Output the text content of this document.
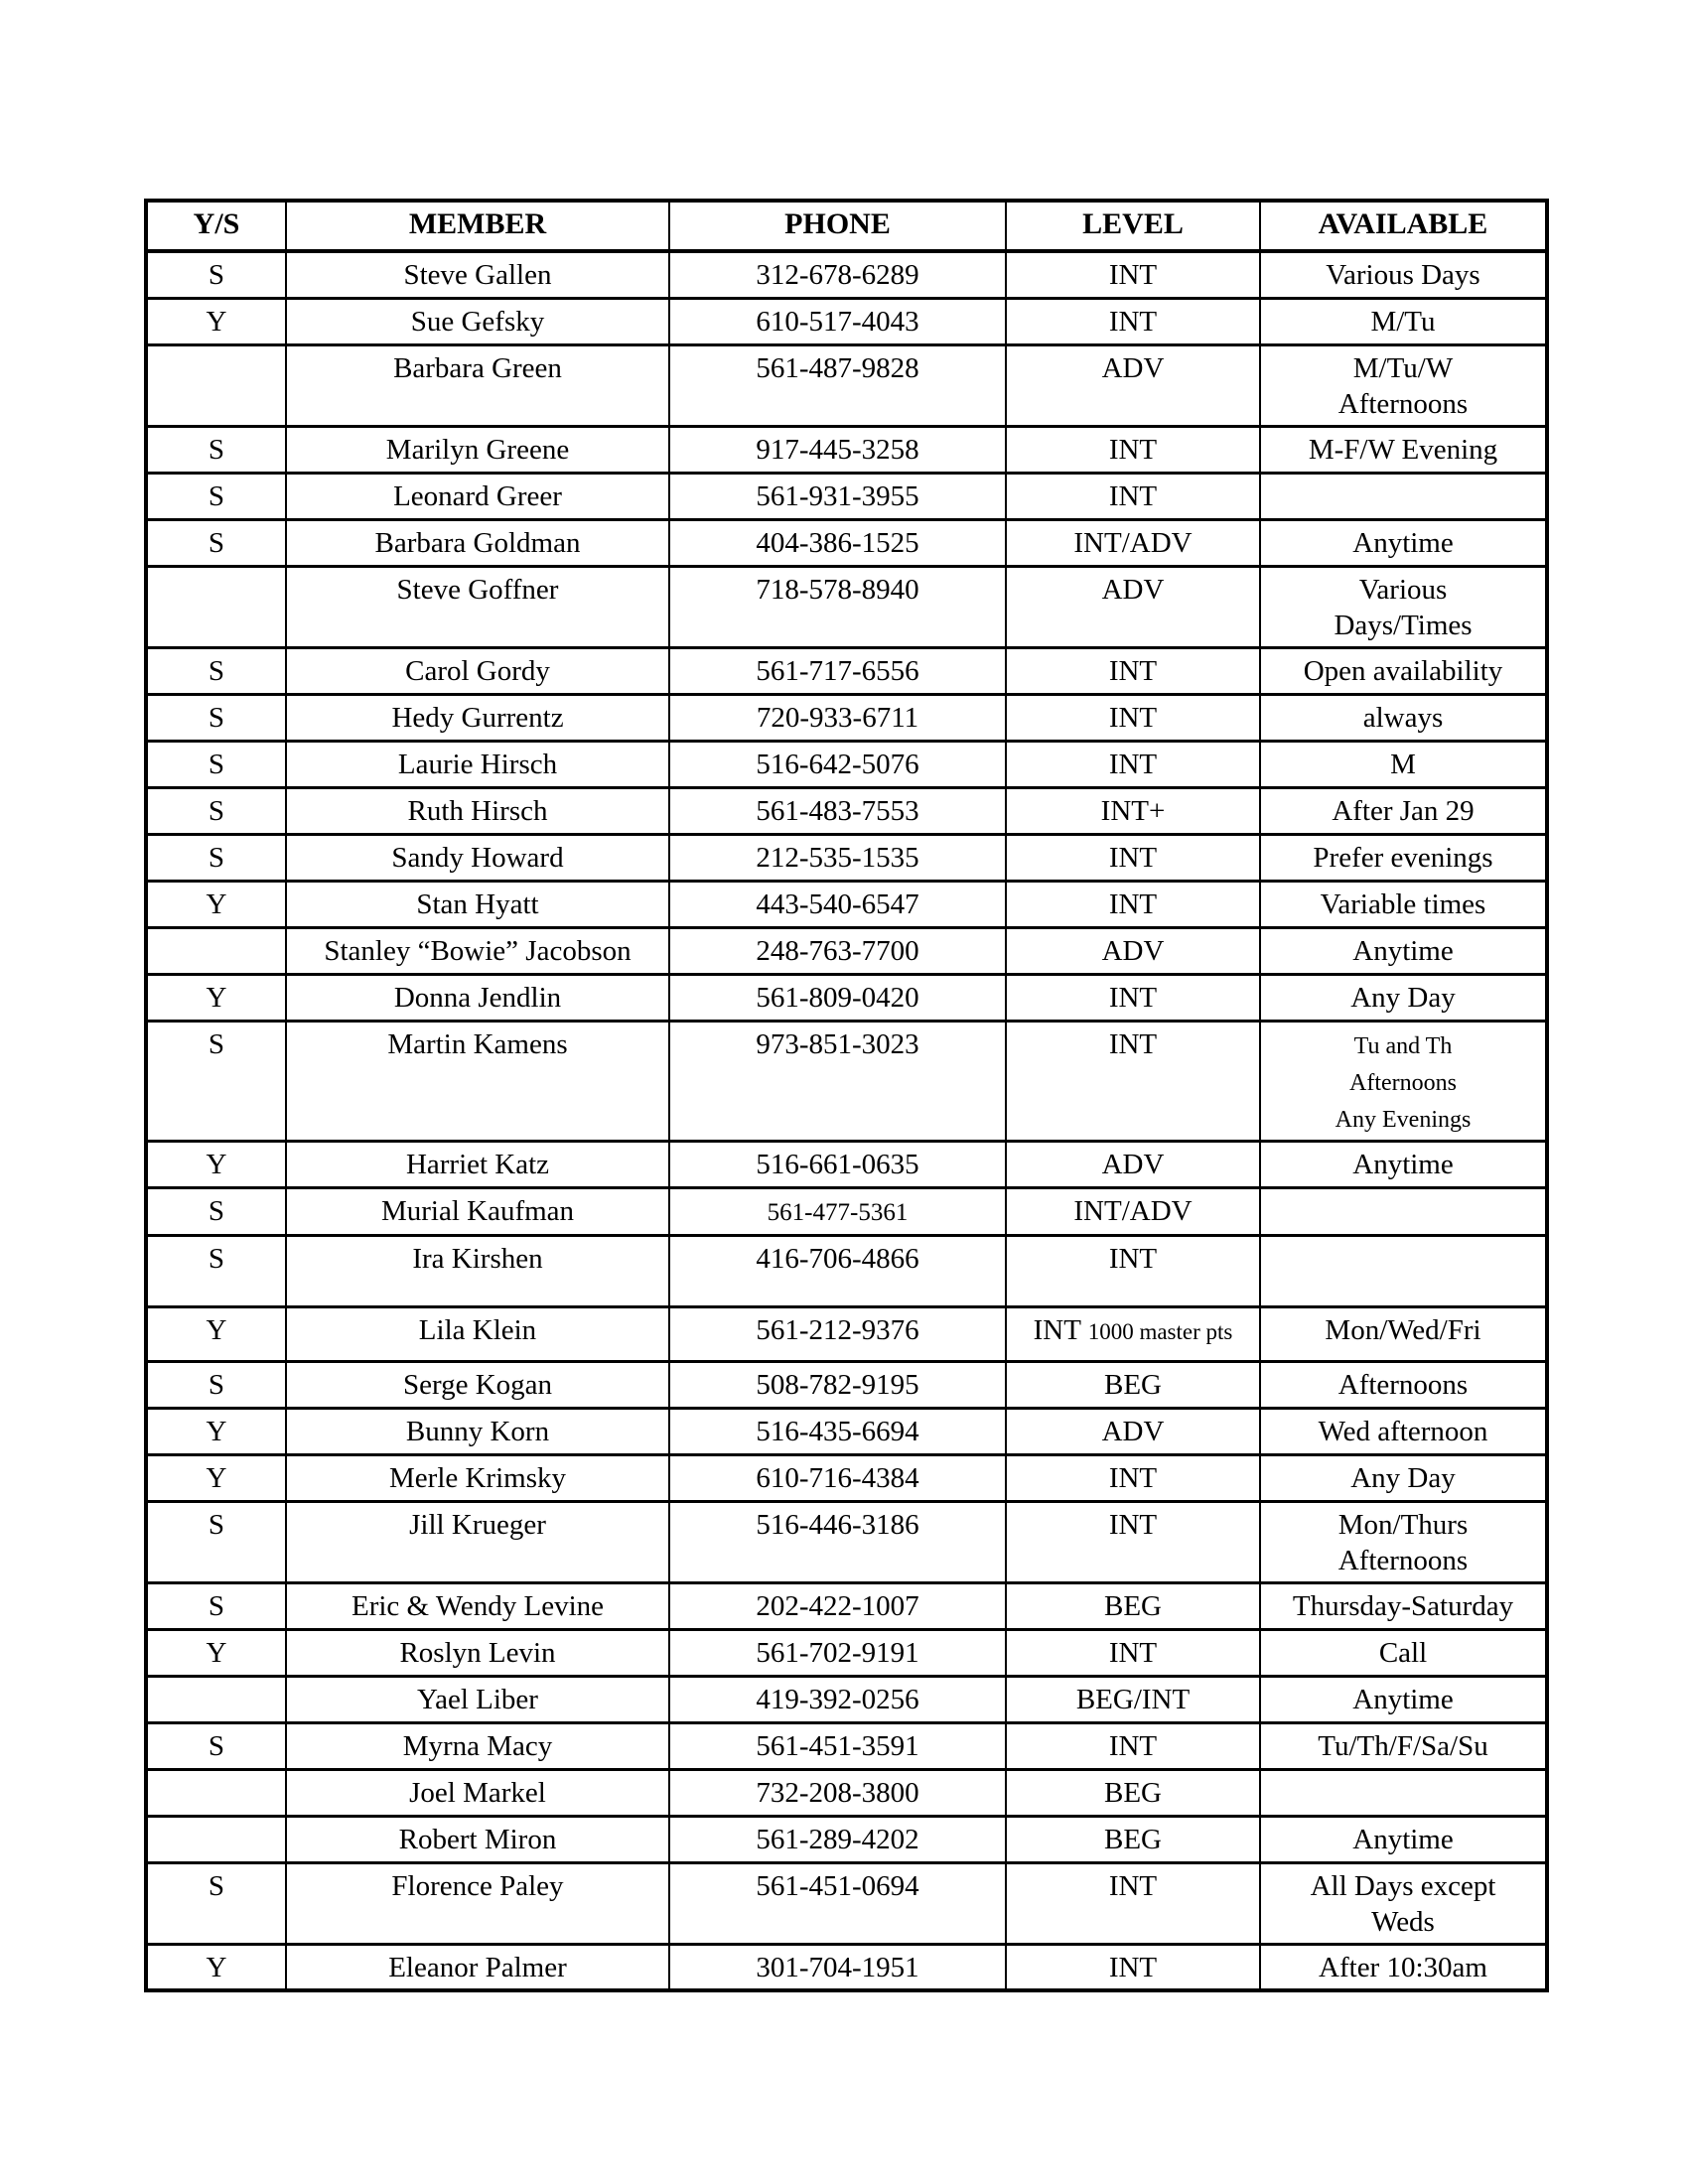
Y/S	MEMBER	PHONE	LEVEL	AVAILABLE
S	Steve Gallen	312-678-6289	INT	Various Days
Y	Sue Gefsky	610-517-4043	INT	M/Tu
	Barbara Green	561-487-9828	ADV	M/Tu/W
Afternoons
S	Marilyn Greene	917-445-3258	INT	M-F/W Evening
S	Leonard Greer	561-931-3955	INT	
S	Barbara Goldman	404-386-1525	INT/ADV	Anytime
	Steve Goffner	718-578-8940	ADV	Various
Days/Times
S	Carol Gordy	561-717-6556	INT	Open availability
S	Hedy Gurrentz	720-933-6711	INT	always
S	Laurie Hirsch	516-642-5076	INT	M
S	Ruth Hirsch	561-483-7553	INT+	After Jan 29
S	Sandy Howard	212-535-1535	INT	Prefer evenings
Y	Stan Hyatt	443-540-6547	INT	Variable times
	Stanley “Bowie” Jacobson	248-763-7700	ADV	Anytime
Y	Donna Jendlin	561-809-0420	INT	Any Day
S	Martin Kamens	973-851-3023	INT	Tu and Th
Afternoons
Any Evenings
Y	Harriet Katz	516-661-0635	ADV	Anytime
S	Murial Kaufman	561-477-5361	INT/ADV	
S	Ira Kirshen	416-706-4866	INT	
Y	Lila Klein	561-212-9376	INT 1000 master pts	Mon/Wed/Fri
S	Serge Kogan	508-782-9195	BEG	Afternoons
Y	Bunny Korn	516-435-6694	ADV	Wed afternoon
Y	Merle Krimsky	610-716-4384	INT	Any Day
S	Jill Krueger	516-446-3186	INT	Mon/Thurs
Afternoons
S	Eric & Wendy Levine	202-422-1007	BEG	Thursday-Saturday
Y	Roslyn Levin	561-702-9191	INT	Call
	Yael Liber	419-392-0256	BEG/INT	Anytime
S	Myrna Macy	561-451-3591	INT	Tu/Th/F/Sa/Su
	Joel Markel	732-208-3800	BEG	
	Robert Miron	561-289-4202	BEG	Anytime
S	Florence Paley	561-451-0694	INT	All Days except
Weds
Y	Eleanor Palmer	301-704-1951	INT	After 10:30am
